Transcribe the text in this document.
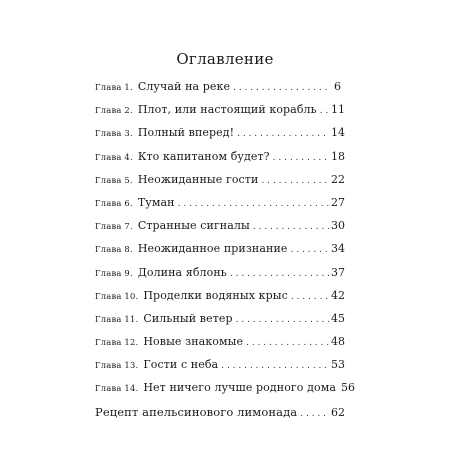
Оглавление
Глава 1. Случай на реке . . .	6
Глава 2. Плот, или настоящий корабль . . . 11
Глава 3. Полный вперед! . . .	14
Глава 4. Кто капитаном будет? . . .	18
Глава 5. Неожиданные гости . . .	22
Глава 6. Туман . . .	27
Глава 7. Странные сигналы . . .	30
Глава 8. Неожиданное признание . . .	34
Глава 9. Долина яблонь . . .	37
Глава 10. Проделки водяных крыс . . .	42
Глава 11. Сильный ветер . . .	45
Глава 12. Новые знакомые . . .	48
Глава 13. Гости с неба . . .	53
Глава 14. Нет ничего лучше родного дома 56
Рецепт апельсинового лимонада . . .	62
